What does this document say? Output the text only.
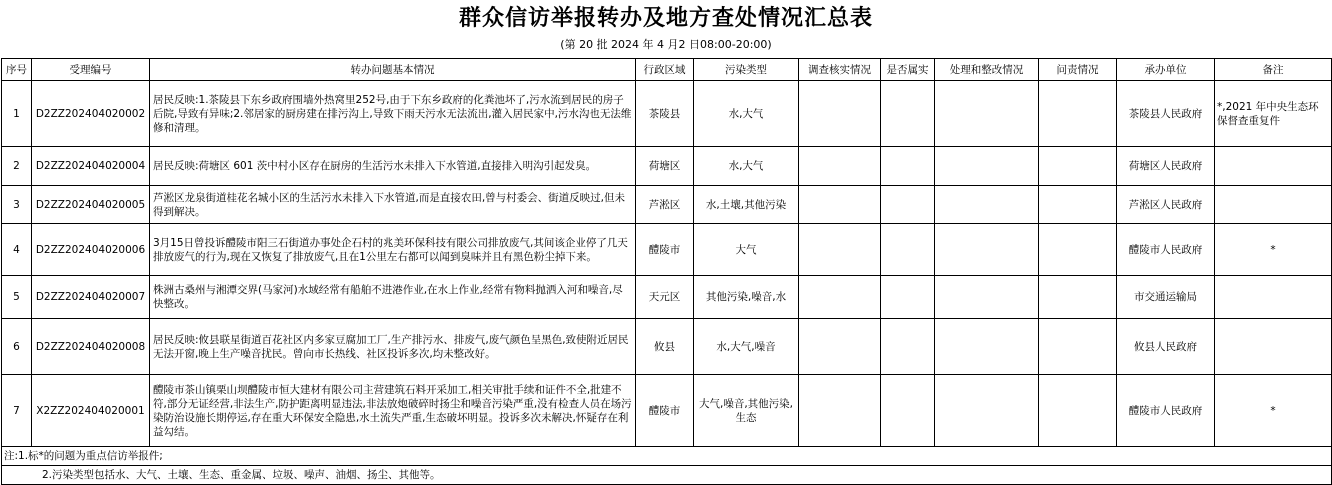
群众信访举报转办及地方查处情况汇总表
(第 20 批 2024 年 4 月2 日08:00-20:00)
序号	受理编号	转办问题基本情况	行政区域	污染类型	调查核实情况	是否属实	处理和整改情况	问责情况	承办单位	备注
1	D2ZZ202404020002	居民反映:1.茶陵县下东乡政府围墙外热窝里252号,由于下东乡政府的化粪池坏了,污水流到居民的房子后院,导致有异味;2.邻居家的厨房建在排污沟上,导致下雨天污水无法流出,灌入居民家中,污水沟也无法维修和清理。	茶陵县	水,大气					茶陵县人民政府	*,2021 年中央生态环保督查重复件
2	D2ZZ202404020004	居民反映:荷塘区 601 茨中村小区存在厨房的生活污水未排入下水管道,直接排入明沟引起发臭。	荷塘区	水,大气					荷塘区人民政府	
3	D2ZZ202404020005	芦淞区龙泉街道桂花名城小区的生活污水未排入下水管道,而是直接农田,曾与村委会、街道反映过,但未得到解决。	芦淞区	水,土壤,其他污染					芦淞区人民政府	
4	D2ZZ202404020006	3月15日曾投诉醴陵市阳三石街道办事处企石村的兆美环保科技有限公司排放废气,其间该企业停了几天排放废气的行为,现在又恢复了排放废气,且在1公里左右都可以闻到臭味并且有黑色粉尘掉下来。	醴陵市	大气					醴陵市人民政府	*
5	D2ZZ202404020007	株洲古桑州与湘潭交界(马家河)水域经常有船舶不进港作业,在水上作业,经常有物料抛洒入河和噪音,尽快整改。	天元区	其他污染,噪音,水					市交通运输局	
6	D2ZZ202404020008	居民反映:攸县联星街道百花社区内多家豆腐加工厂,生产排污水、排废气,废气颜色呈黑色,致使附近居民无法开窗,晚上生产噪音扰民。曾向市长热线、社区投诉多次,均未整改好。	攸县	水,大气,噪音					攸县人民政府	
7	X2ZZ202404020001	醴陵市茶山镇栗山坝醴陵市恒大建材有限公司主营建筑石料开采加工,相关审批手续和证件不全,批建不符,部分无证经营,非法生产,防护距离明显违法,非法放炮破碎时扬尘和噪音污染严重,没有检查人员在场污染防治设施长期停运,存在重大环保安全隐患,水土流失严重,生态破坏明显。投诉多次未解决,怀疑存在利益勾结。	醴陵市	大气,噪音,其他污染,生态					醴陵市人民政府	*

注:1.标*的问题为重点信访举报件;										

2.污染类型包括水、大气、土壤、生态、重金属、垃圾、噪声、油烟、扬尘、其他等。										
